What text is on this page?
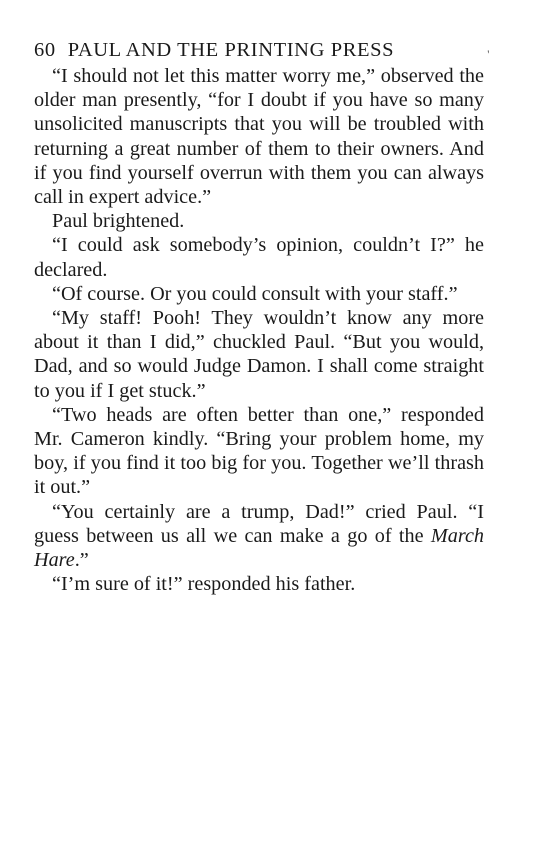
60 PAUL AND THE PRINTING PRESS	'

“I should not let this matter worry me,” observed the older man presently, “for I doubt if you have so many unsolicited manuscripts that you will be troubled with returning a great number of them to their owners. And if you find yourself overrun with them you can always call in expert advice.”

Paul brightened.

“I could ask somebody’s opinion, couldn’t I?” he declared.

“Of course. Or you could consult with your staff.”

“My staff! Pooh! They wouldn’t know any more about it than I did,” chuckled Paul. “But you would, Dad, and so would Judge Damon. I shall come straight to you if I get stuck.”

“Two heads are often better than one,” responded Mr. Cameron kindly. “Bring your problem home, my boy, if you find it too big for you. Together we’ll thrash it out.”

“You certainly are a trump, Dad!” cried Paul. “I guess between us all we can make a go of the March Hare.”

“I’m sure of it!” responded his father.
